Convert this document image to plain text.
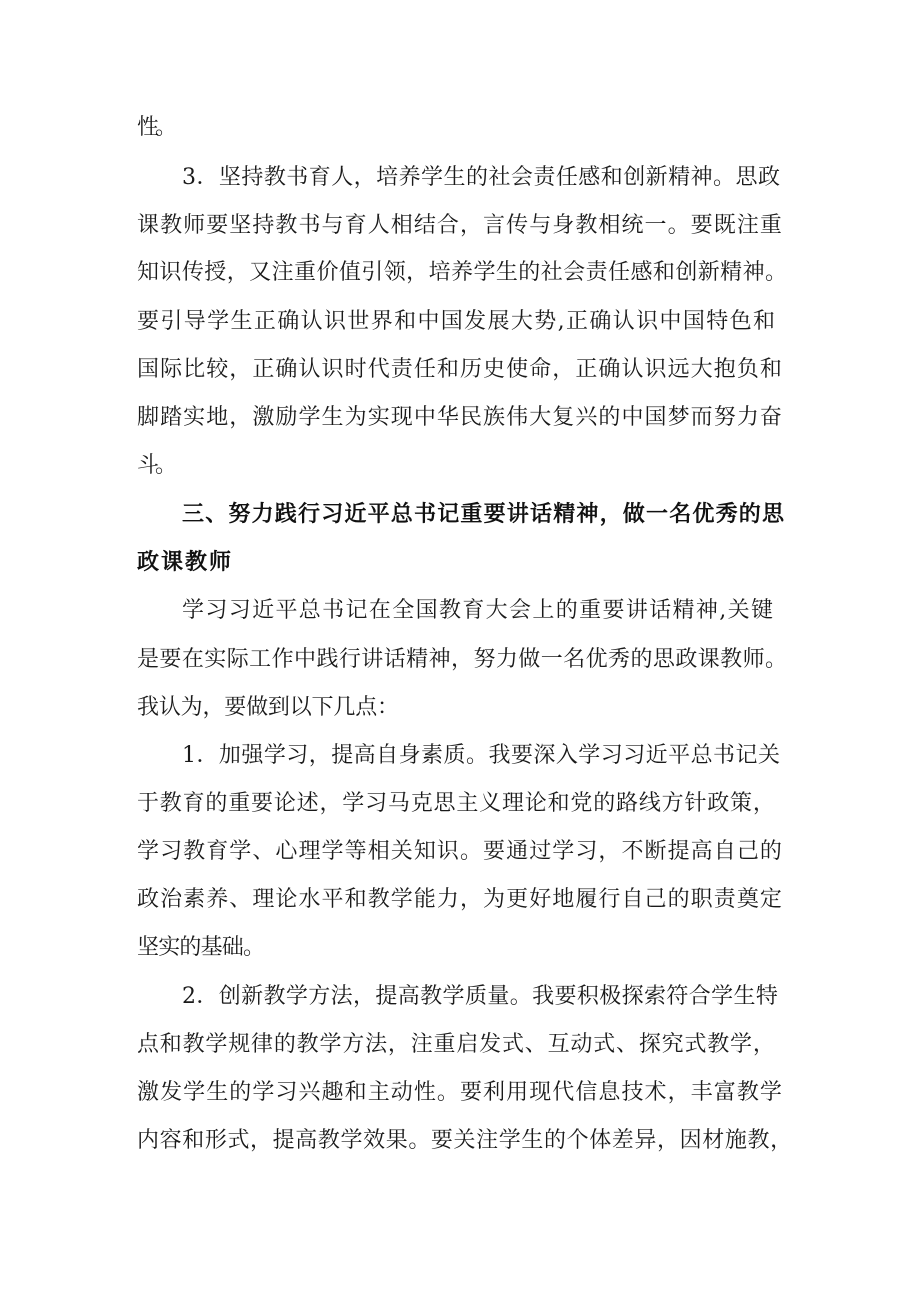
性。
3．坚持教书育人，培养学生的社会责任感和创新精神。思政
课教师要坚持教书与育人相结合，言传与身教相统一。要既注重
知识传授，又注重价值引领，培养学生的社会责任感和创新精神。
要引导学生正确认识世界和中国发展大势,正确认识中国特色和
国际比较，正确认识时代责任和历史使命，正确认识远大抱负和
脚踏实地，激励学生为实现中华民族伟大复兴的中国梦而努力奋
斗。
三、努力践行习近平总书记重要讲话精神，做一名优秀的思
政课教师
学习习近平总书记在全国教育大会上的重要讲话精神,关键
是要在实际工作中践行讲话精神，努力做一名优秀的思政课教师。
我认为，要做到以下几点：
1．加强学习，提高自身素质。我要深入学习习近平总书记关
于教育的重要论述，学习马克思主义理论和党的路线方针政策，
学习教育学、心理学等相关知识。要通过学习，不断提高自己的
政治素养、理论水平和教学能力，为更好地履行自己的职责奠定
坚实的基础。
2．创新教学方法，提高教学质量。我要积极探索符合学生特
点和教学规律的教学方法，注重启发式、互动式、探究式教学，
激发学生的学习兴趣和主动性。要利用现代信息技术，丰富教学
内容和形式，提高教学效果。要关注学生的个体差异，因材施教，
